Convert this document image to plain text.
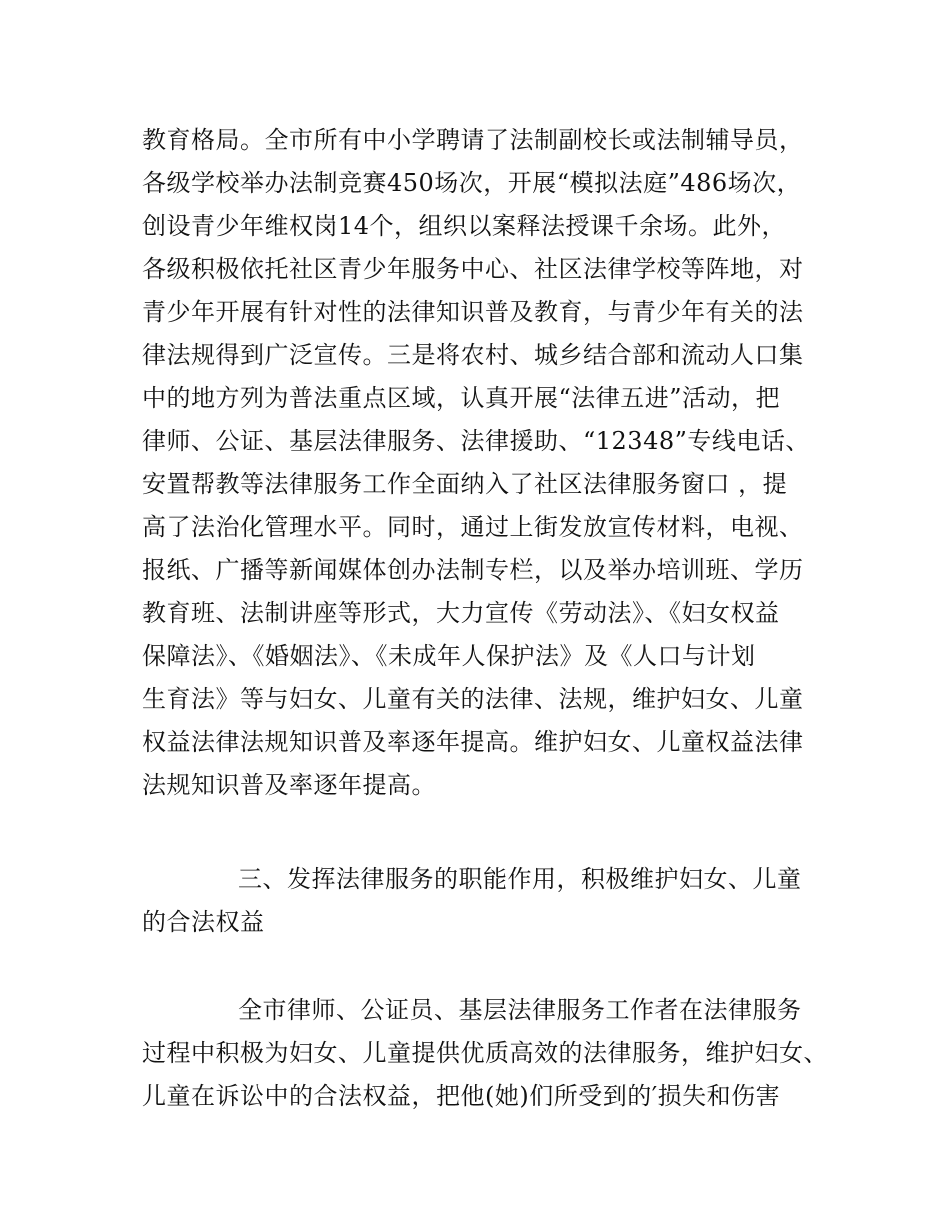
教育格局。全市所有中小学聘请了法制副校长或法制辅导员，
各级学校举办法制竞赛450场次，开展“模拟法庭”486场次，
创设青少年维权岗14个，组织以案释法授课千余场。此外，
各级积极依托社区青少年服务中心、社区法律学校等阵地，对
青少年开展有针对性的法律知识普及教育，与青少年有关的法
律法规得到广泛宣传。三是将农村、城乡结合部和流动人口集
中的地方列为普法重点区域，认真开展“法律五进”活动，把
律师、公证、基层法律服务、法律援助、“12348”专线电话、
安置帮教等法律服务工作全面纳入了社区法律服务窗口 ，提
高了法治化管理水平。同时，通过上街发放宣传材料，电视、
报纸、广播等新闻媒体创办法制专栏，以及举办培训班、学历
教育班、法制讲座等形式，大力宣传《劳动法》、《妇女权益
保障法》、《婚姻法》、《未成年人保护法》及《人口与计划
生育法》等与妇女、儿童有关的法律、法规，维护妇女、儿童
权益法律法规知识普及率逐年提高。维护妇女、儿童权益法律
法规知识普及率逐年提高。
三、发挥法律服务的职能作用，积极维护妇女、儿童
的合法权益
全市律师、公证员、基层法律服务工作者在法律服务
过程中积极为妇女、儿童提供优质高效的法律服务，维护妇女、
儿童在诉讼中的合法权益，把他(她)们所受到的′损失和伤害
